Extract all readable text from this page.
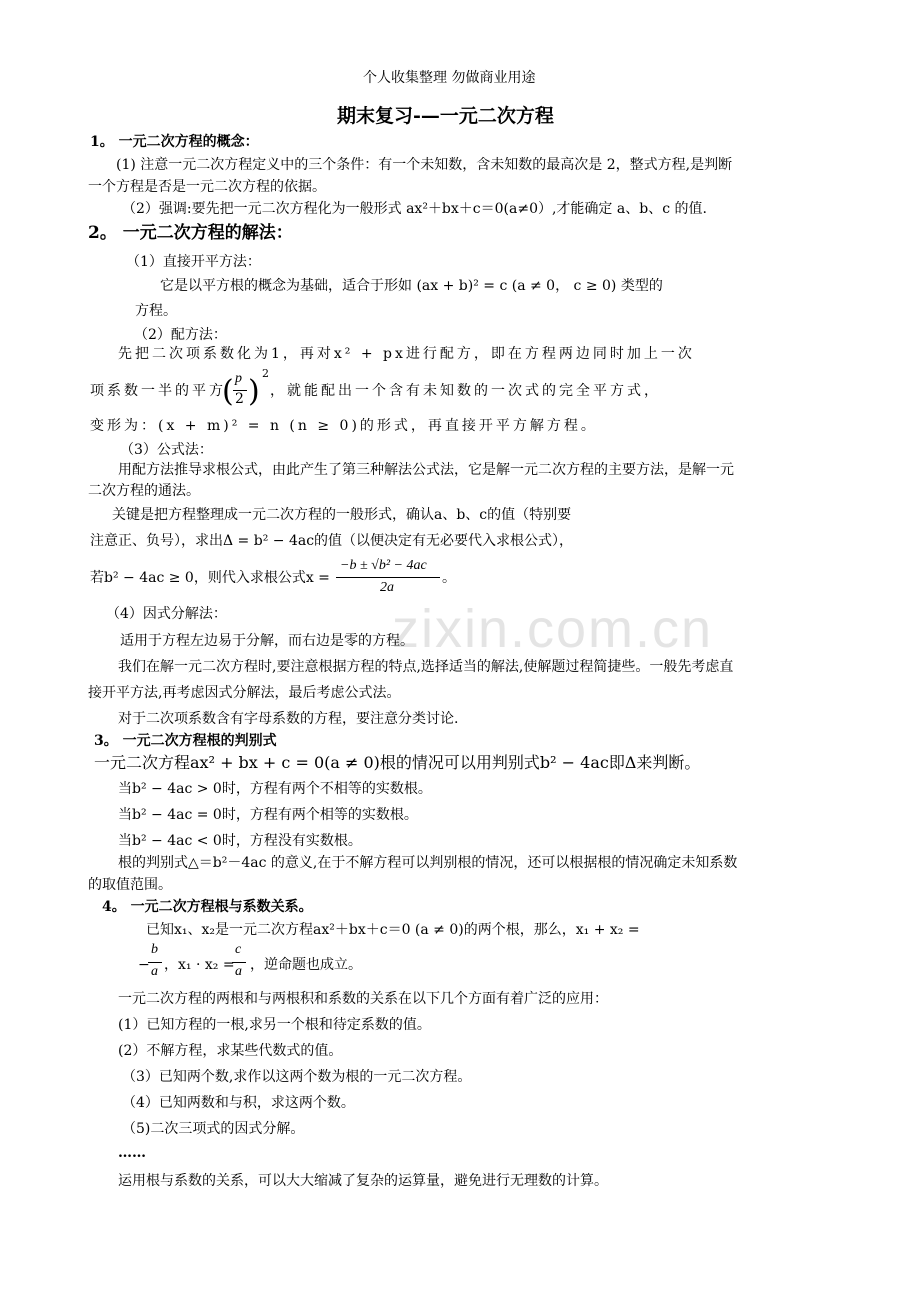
zixin.com.cn
个人收集整理 勿做商业用途
期末复习-—一元二次方程
1。 一元二次方程的概念：
(1) 注意一元二次方程定义中的三个条件：有一个未知数，含未知数的最高次是 2，整式方程,是判断
一个方程是否是一元二次方程的依据。
（2）强调:要先把一元二次方程化为一般形式 ax²＋bx＋c＝0(a≠0）,才能确定 a、b、c 的值.
2。 一元二次方程的解法：
（1）直接开平方法：
它是以平方根的概念为基础，适合于形如 (ax + b)² = c (a ≠ 0， c ≥ 0) 类型的
方程。
（2）配方法：
先把二次项系数化为1，再对x² + px进行配方，即在方程两边同时加上一次
项系数一半的平方
( p
2 )
2
，就能配出一个含有未知数的一次式的完全平方式，
变形为：(x + m)² = n (n ≥ 0)的形式，再直接开平方解方程。
（3）公式法：
用配方法推导求根公式，由此产生了第三种解法公式法，它是解一元二次方程的主要方法，是解一元
二次方程的通法。
关键是把方程整理成一元二次方程的一般形式，确认a、b、c的值（特别要
注意正、负号），求出Δ = b² − 4ac的值（以便决定有无必要代入求根公式），
若b² − 4ac ≥ 0，则代入求根公式x =
−b ± √b² − 4ac
2a
。
（4）因式分解法：
适用于方程左边易于分解，而右边是零的方程。
我们在解一元二次方程时,要注意根据方程的特点,选择适当的解法,使解题过程简捷些。一般先考虑直
接开平方法,再考虑因式分解法，最后考虑公式法。
对于二次项系数含有字母系数的方程，要注意分类讨论.
3。 一元二次方程根的判别式
一元二次方程ax² + bx + c = 0(a ≠ 0)根的情况可以用判别式b² − 4ac即Δ来判断。
当b² − 4ac > 0时，方程有两个不相等的实数根。
当b² − 4ac = 0时，方程有两个相等的实数根。
当b² − 4ac < 0时，方程没有实数根。
根的判别式△＝b²－4ac 的意义,在于不解方程可以判别根的情况，还可以根据根的情况确定未知系数
的取值范围。
4。 一元二次方程根与系数关系。
已知x₁、x₂是一元二次方程ax²＋bx＋c＝0 (a ≠ 0)的两个根，那么，x₁ + x₂ =
−
b
a ，x₁ · x₂ =
c
a ，逆命题也成立。
一元二次方程的两根和与两根积和系数的关系在以下几个方面有着广泛的应用：
(1）已知方程的一根,求另一个根和待定系数的值。
(2）不解方程，求某些代数式的值。
（3）已知两个数,求作以这两个数为根的一元二次方程。
（4）已知两数和与积，求这两个数。
（5)二次三项式的因式分解。
……
运用根与系数的关系，可以大大缩减了复杂的运算量，避免进行无理数的计算。
